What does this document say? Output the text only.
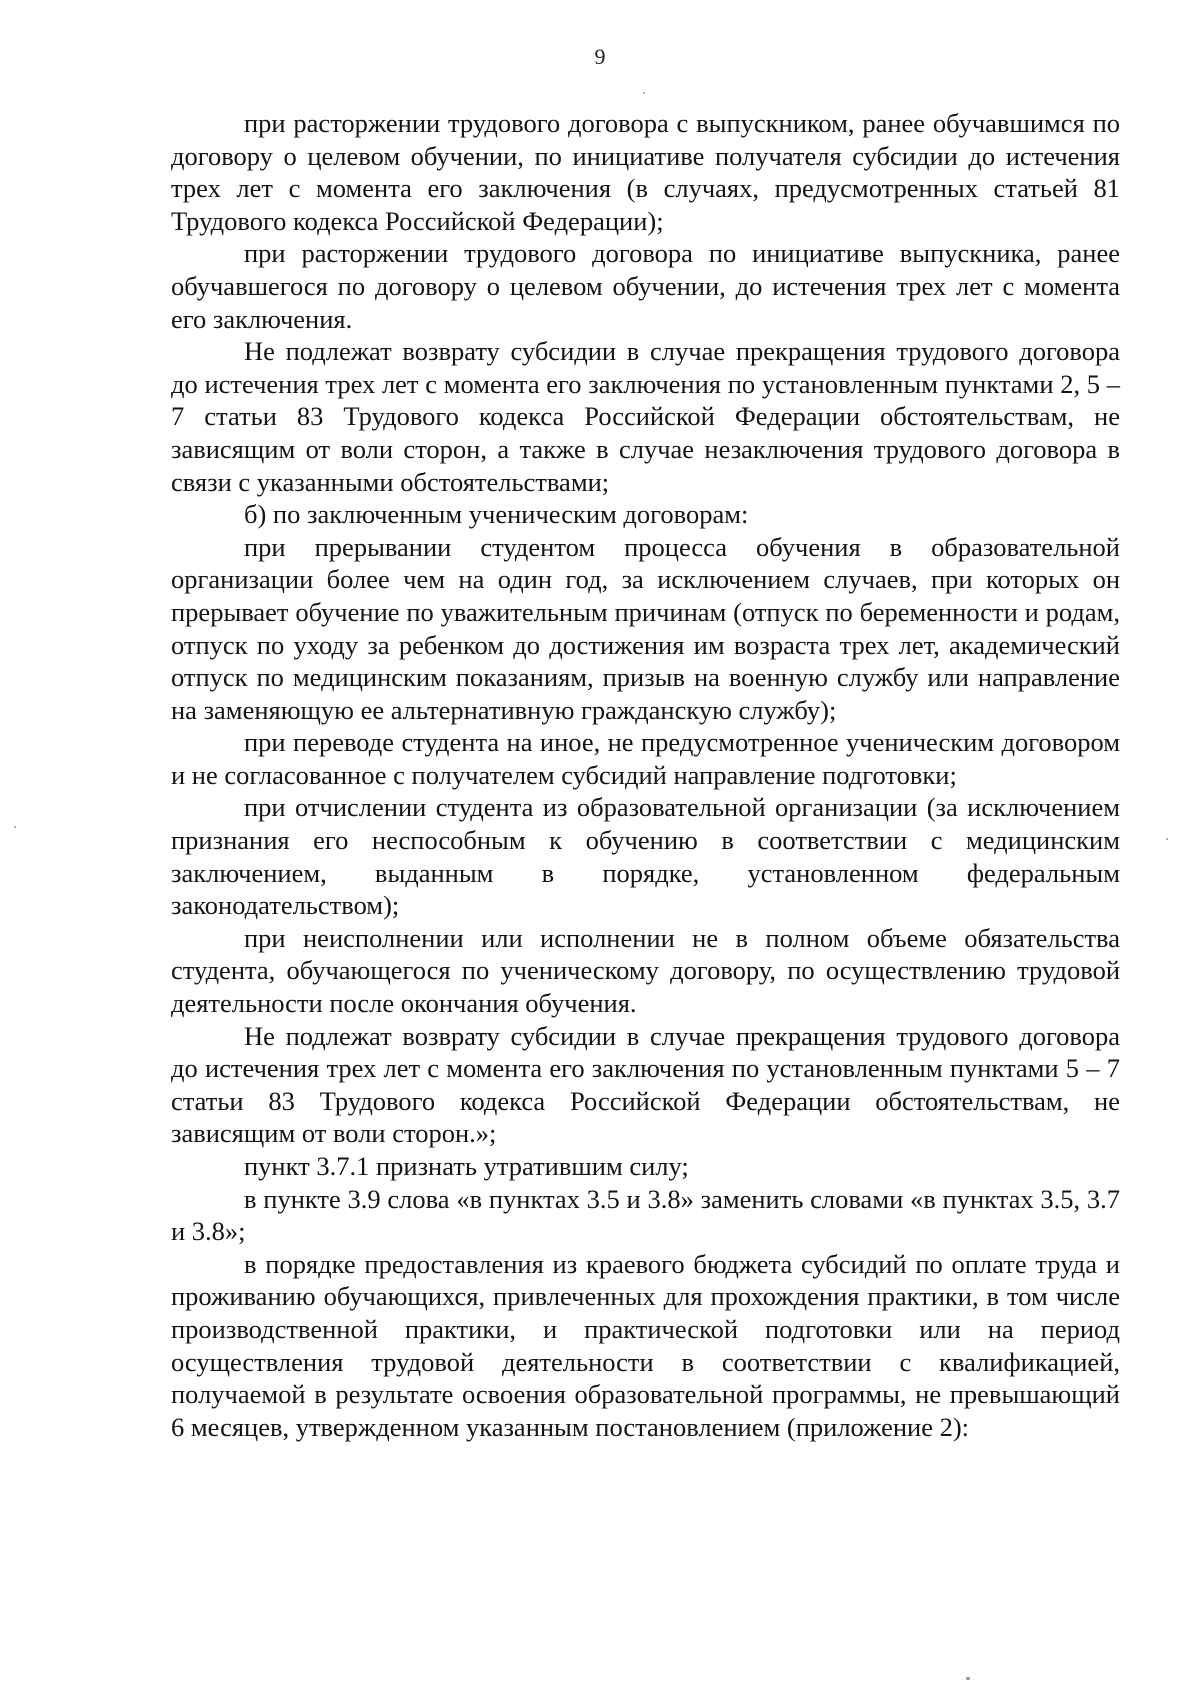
9

при расторжении трудового договора с выпускником, ранее обучавшимся по договору о целевом обучении, по инициативе получателя субсидии до истечения трех лет с момента его заключения (в случаях, предусмотренных статьей 81 Трудового кодекса Российской Федерации);

при расторжении трудового договора по инициативе выпускника, ранее обучавшегося по договору о целевом обучении, до истечения трех лет с момента его заключения.

Не подлежат возврату субсидии в случае прекращения трудового договора до истечения трех лет с момента его заключения по установленным пунктами 2, 5 – 7 статьи 83 Трудового кодекса Российской Федерации обстоятельствам, не зависящим от воли сторон, а также в случае незаключения трудового договора в связи с указанными обстоятельствами;

б) по заключенным ученическим договорам:

при прерывании студентом процесса обучения в образовательной организации более чем на один год, за исключением случаев, при которых он прерывает обучение по уважительным причинам (отпуск по беременности и родам, отпуск по уходу за ребенком до достижения им возраста трех лет, академический отпуск по медицинским показаниям, призыв на военную службу или направление на заменяющую ее альтернативную гражданскую службу);

при переводе студента на иное, не предусмотренное ученическим договором и не согласованное с получателем субсидий направление подготовки;

при отчислении студента из образовательной организации (за исключением признания его неспособным к обучению в соответствии с медицинским заключением, выданным в порядке, установленном федеральным законодательством);

при неисполнении или исполнении не в полном объеме обязательства студента, обучающегося по ученическому договору, по осуществлению трудовой деятельности после окончания обучения.

Не подлежат возврату субсидии в случае прекращения трудового договора до истечения трех лет с момента его заключения по установленным пунктами 5 – 7 статьи 83 Трудового кодекса Российской Федерации обстоятельствам, не зависящим от воли сторон.»;

пункт 3.7.1 признать утратившим силу;

в пункте 3.9 слова «в пунктах 3.5 и 3.8» заменить словами «в пунктах 3.5, 3.7 и 3.8»;

в порядке предоставления из краевого бюджета субсидий по оплате труда и проживанию обучающихся, привлеченных для прохождения практики, в том числе производственной практики, и практической подготовки или на период осуществления трудовой деятельности в соответствии с квалификацией, получаемой в результате освоения образовательной программы, не превышающий 6 месяцев, утвержденном указанным постановлением (приложение 2):
